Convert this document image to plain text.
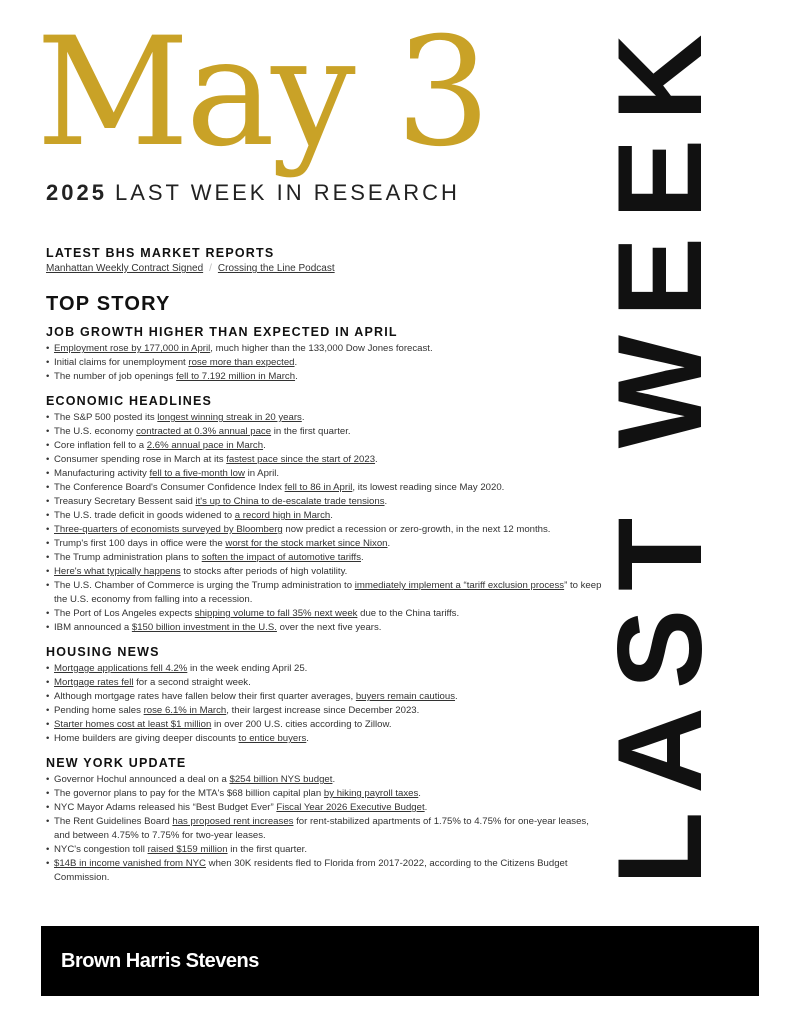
May 3
2025 LAST WEEK IN RESEARCH LAST WEEK
LATEST BHS MARKET REPORTS
Manhattan Weekly Contract Signed / Crossing the Line Podcast
TOP STORY
JOB GROWTH HIGHER THAN EXPECTED IN APRIL
• Employment rose by 177,000 in April, much higher than the 133,000 Dow Jones forecast.
• Initial claims for unemployment rose more than expected.
• The number of job openings fell to 7.192 million in March.
ECONOMIC HEADLINES
• The S&P 500 posted its longest winning streak in 20 years.
• The U.S. economy contracted at 0.3% annual pace in the first quarter.
• Core inflation fell to a 2.6% annual pace in March.
• Consumer spending rose in March at its fastest pace since the start of 2023.
• Manufacturing activity fell to a five-month low in April.
• The Conference Board's Consumer Confidence Index fell to 86 in April, its lowest reading since May 2020.
• Treasury Secretary Bessent said it's up to China to de-escalate trade tensions.
• The U.S. trade deficit in goods widened to a record high in March.
• Three-quarters of economists surveyed by Bloomberg now predict a recession or zero-growth, in the next 12 months.
• Trump's first 100 days in office were the worst for the stock market since Nixon.
• The Trump administration plans to soften the impact of automotive tariffs.
• Here's what typically happens to stocks after periods of high volatility.
• The U.S. Chamber of Commerce is urging the Trump administration to immediately implement a “tariff exclusion process” to keep the U.S. economy from falling into a recession.
• The Port of Los Angeles expects shipping volume to fall 35% next week due to the China tariffs.
• IBM announced a $150 billion investment in the U.S. over the next five years.
HOUSING NEWS
• Mortgage applications fell 4.2% in the week ending April 25.
• Mortgage rates fell for a second straight week.
• Although mortgage rates have fallen below their first quarter averages, buyers remain cautious.
• Pending home sales rose 6.1% in March, their largest increase since December 2023.
• Starter homes cost at least $1 million in over 200 U.S. cities according to Zillow.
• Home builders are giving deeper discounts to entice buyers.
NEW YORK UPDATE
• Governor Hochul announced a deal on a $254 billion NYS budget.
• The governor plans to pay for the MTA's $68 billion capital plan by hiking payroll taxes.
• NYC Mayor Adams released his “Best Budget Ever” Fiscal Year 2026 Executive Budget.
• The Rent Guidelines Board has proposed rent increases for rent-stabilized apartments of 1.75% to 4.75% for one-year leases, and between 4.75% to 7.75% for two-year leases.
• NYC's congestion toll raised $159 million in the first quarter.
• $14B in income vanished from NYC when 30K residents fled to Florida from 2017-2022, according to the Citizens Budget Commission.
Brown Harris Stevens
